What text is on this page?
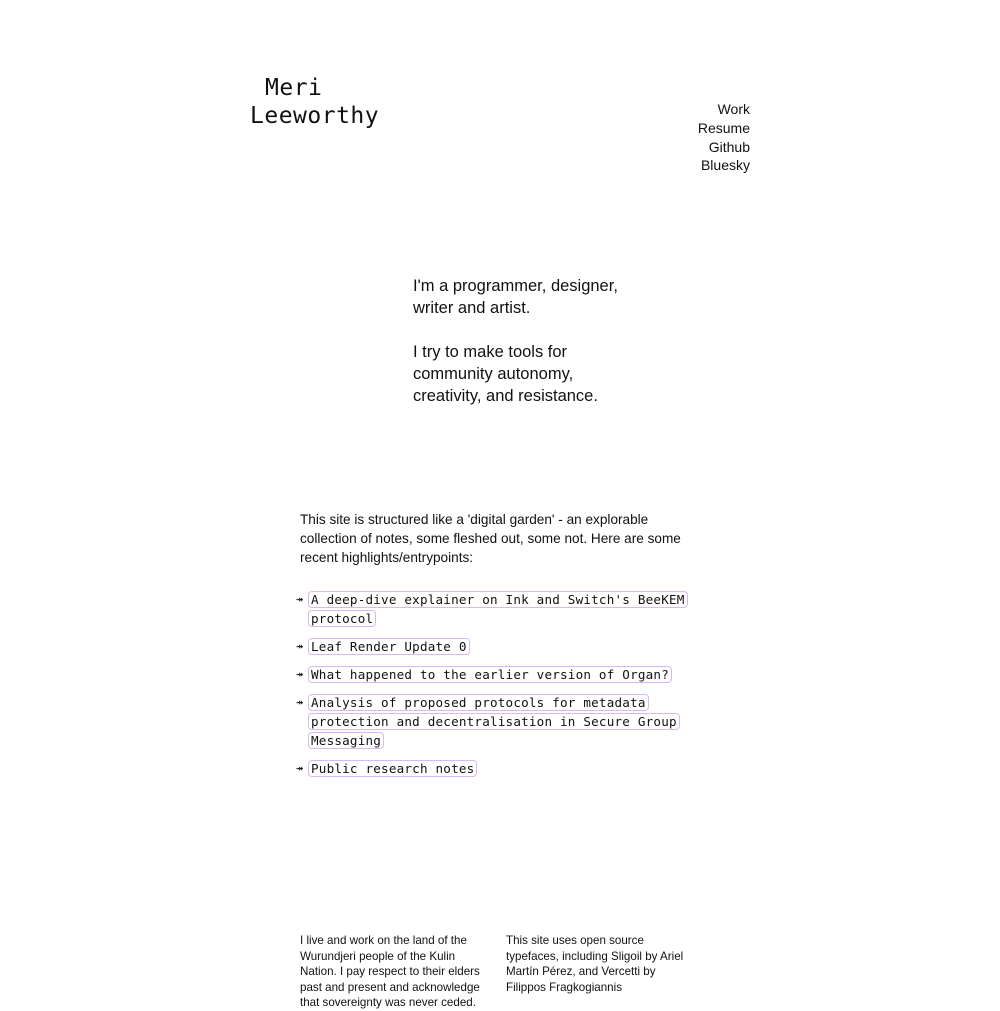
Meri
Leeworthy	Work
Resume
Github
Bluesky

I'm a programmer, designer, writer and artist.

I try to make tools for community autonomy, creativity, and resistance.

This site is structured like a 'digital garden' - an explorable collection of notes, some fleshed out, some not. Here are some recent highlights/entrypoints:

↠ A deep-dive explainer on Ink and Switch's BeeKEM protocol
↠ Leaf Render Update 0
↠ What happened to the earlier version of Organ?
↠ Analysis of proposed protocols for metadata protection and decentralisation in Secure Group Messaging
↠ Public research notes

I live and work on the land of the Wurundjeri people of the Kulin Nation. I pay respect to their elders past and present and acknowledge that sovereignty was never ceded.

This site uses open source typefaces, including Sligoil by Ariel Martín Pérez, and Vercetti by Filippos Fragkogiannis
